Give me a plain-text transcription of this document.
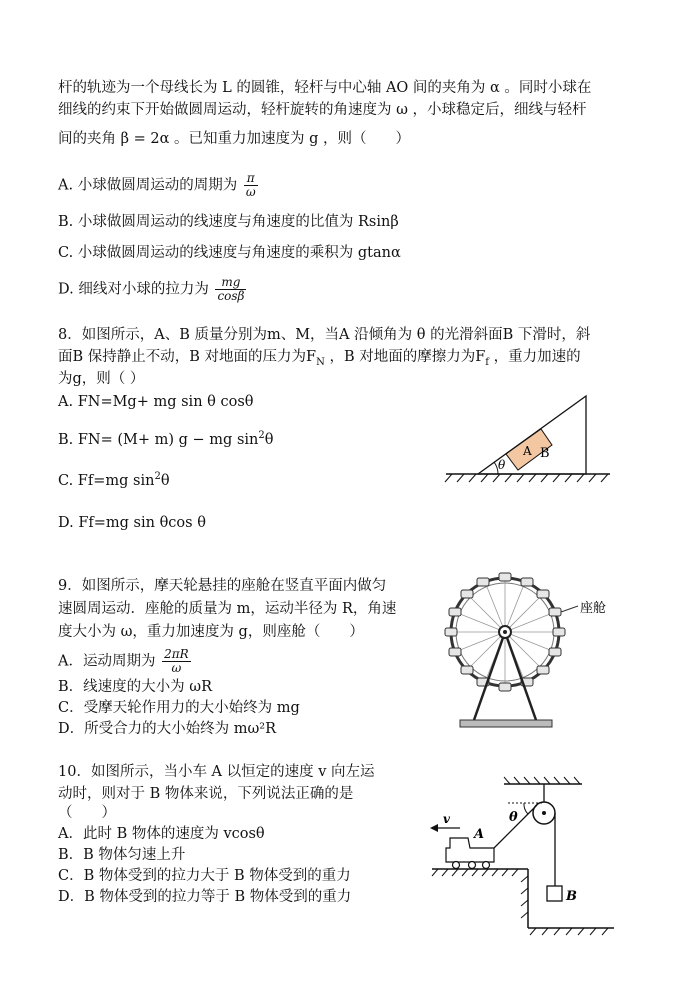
杆的轨迹为一个母线长为 L 的圆锥，轻杆与中心轴 AO 间的夹角为 α 。同时小球在
细线的约束下开始做圆周运动，轻杆旋转的角速度为 ω ，小球稳定后，细线与轻杆
间的夹角 β = 2α 。已知重力加速度为 g ，则（　　）
A. 小球做圆周运动的周期为 $\frac{\pi}{\omega}$
B. 小球做圆周运动的线速度与角速度的比值为 Rsinβ
C. 小球做圆周运动的线速度与角速度的乘积为 gtanα
D. 细线对小球的拉力为 $\frac{mg}{\cos\beta}$
8．如图所示，A、B 质量分别为m、M，当A 沿倾角为 θ 的光滑斜面B 下滑时，斜
面B 保持静止不动，B 对地面的压力为$F_N$ ，B 对地面的摩擦力为$F_f$ ，重力加速的
为g，则（ ）
A. FN=Mg+ mg sin θ cosθ
B. FN= (M+ m) g − mg $\sin^2\theta$
C. Ff=mg $\sin^2\theta$
D. Ff=mg sin θcos θ
A B
θ
9．如图所示，摩天轮悬挂的座舱在竖直平面内做匀
速圆周运动．座舱的质量为 m，运动半径为 R，角速
度大小为 ω，重力加速度为 g，则座舱（　　）
A．运动周期为 $\frac{2\pi R}{\omega}$
B．线速度的大小为 ωR
C．受摩天轮作用力的大小始终为 mg
D．所受合力的大小始终为 mω²R
座舱
10．如图所示，当小车 A 以恒定的速度 v 向左运
动时，则对于 B 物体来说，下列说法正确的是
（　　）
A．此时 B 物体的速度为 vcosθ
B．B 物体匀速上升
C．B 物体受到的拉力大于 B 物体受到的重力
D．B 物体受到的拉力等于 B 物体受到的重力
θ
v
A
B
